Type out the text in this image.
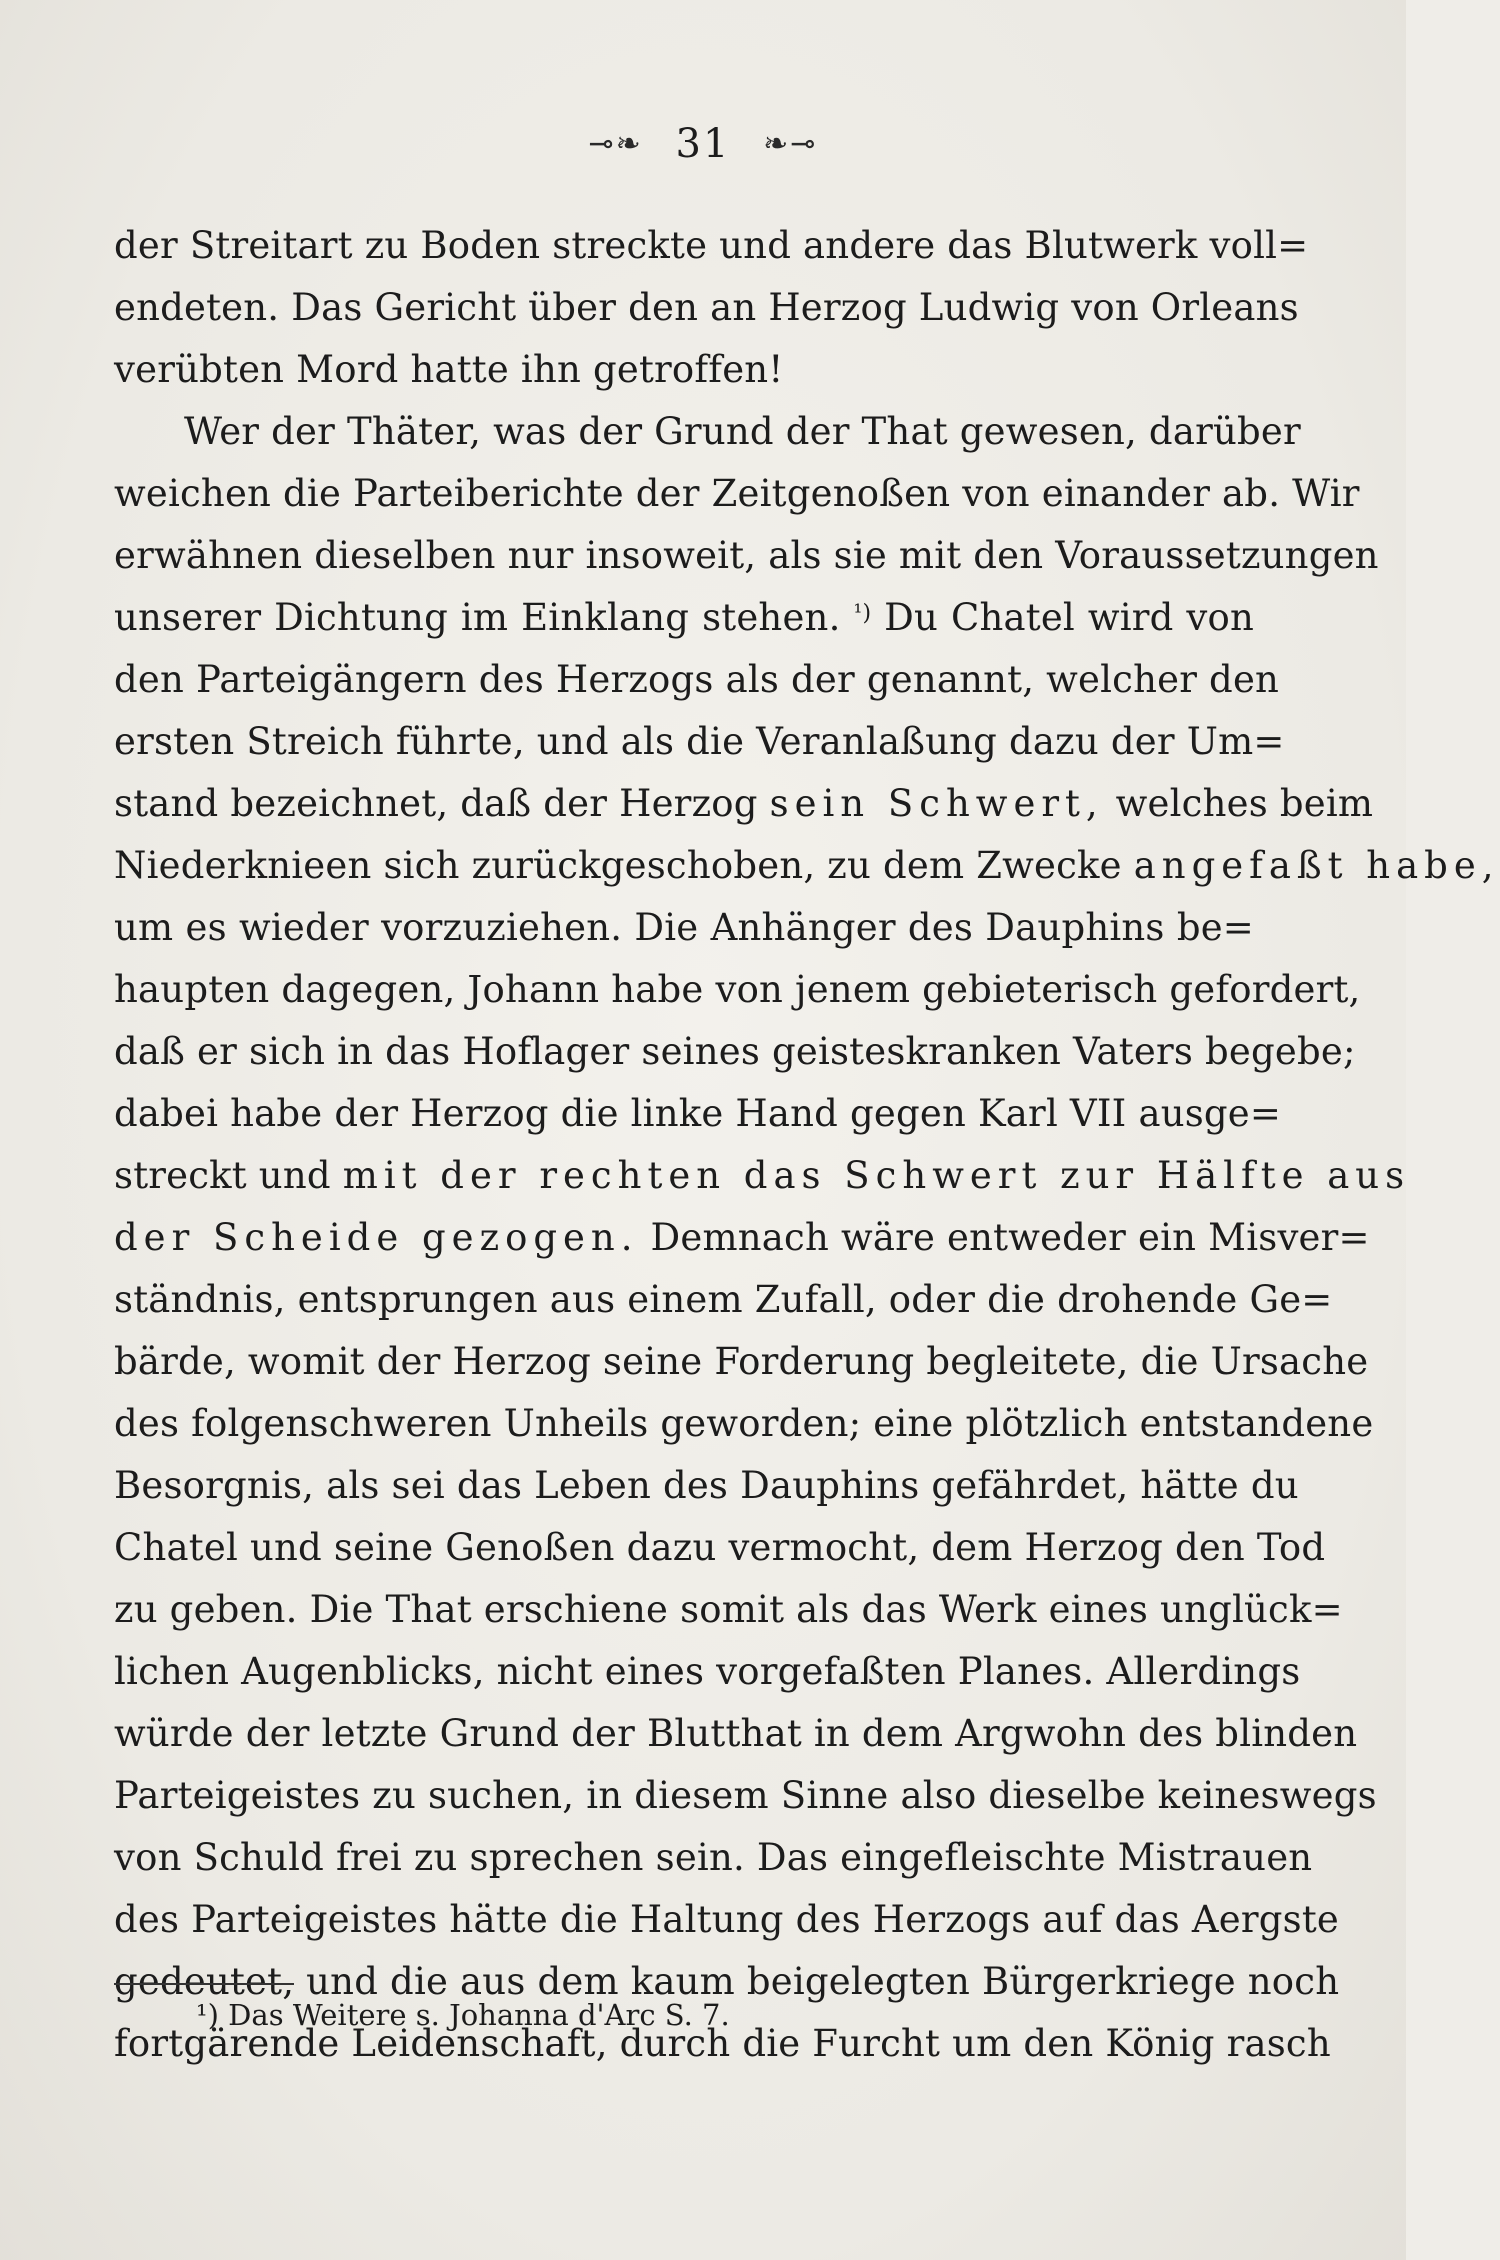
⊸❧ 31 ❧⊸
der Streitart zu Boden streckte und andere das Blutwerk voll=
endeten. Das Gericht über den an Herzog Ludwig von Orleans
verübten Mord hatte ihn getroffen!
Wer der Thäter, was der Grund der That gewesen, darüber
weichen die Parteiberichte der Zeitgenoßen von einander ab. Wir
erwähnen dieselben nur insoweit, als sie mit den Voraussetzungen
unserer Dichtung im Einklang stehen. $^{^1)}$ Du Chatel wird von
den Parteigängern des Herzogs als der genannt, welcher den
ersten Streich führte, und als die Veranlaßung dazu der Um=
stand bezeichnet, daß der Herzog sein Schwert, welches beim
Niederknieen sich zurückgeschoben, zu dem Zwecke angefaßt habe,
um es wieder vorzuziehen. Die Anhänger des Dauphins be=
haupten dagegen, Johann habe von jenem gebieterisch gefordert,
daß er sich in das Hoflager seines geisteskranken Vaters begebe;
dabei habe der Herzog die linke Hand gegen Karl VII ausge=
streckt und mit der rechten das Schwert zur Hälfte aus
der Scheide gezogen. Demnach wäre entweder ein Misver=
ständnis, entsprungen aus einem Zufall, oder die drohende Ge=
bärde, womit der Herzog seine Forderung begleitete, die Ursache
des folgenschweren Unheils geworden; eine plötzlich entstandene
Besorgnis, als sei das Leben des Dauphins gefährdet, hätte du
Chatel und seine Genoßen dazu vermocht, dem Herzog den Tod
zu geben. Die That erschiene somit als das Werk eines unglück=
lichen Augenblicks, nicht eines vorgefaßten Planes. Allerdings
würde der letzte Grund der Blutthat in dem Argwohn des blinden
Parteigeistes zu suchen, in diesem Sinne also dieselbe keineswegs
von Schuld frei zu sprechen sein. Das eingefleischte Mistrauen
des Parteigeistes hätte die Haltung des Herzogs auf das Aergste
gedeutet, und die aus dem kaum beigelegten Bürgerkriege noch
fortgärende Leidenschaft, durch die Furcht um den König rasch
¹) Das Weitere s. Johanna d'Arc S. 7.
